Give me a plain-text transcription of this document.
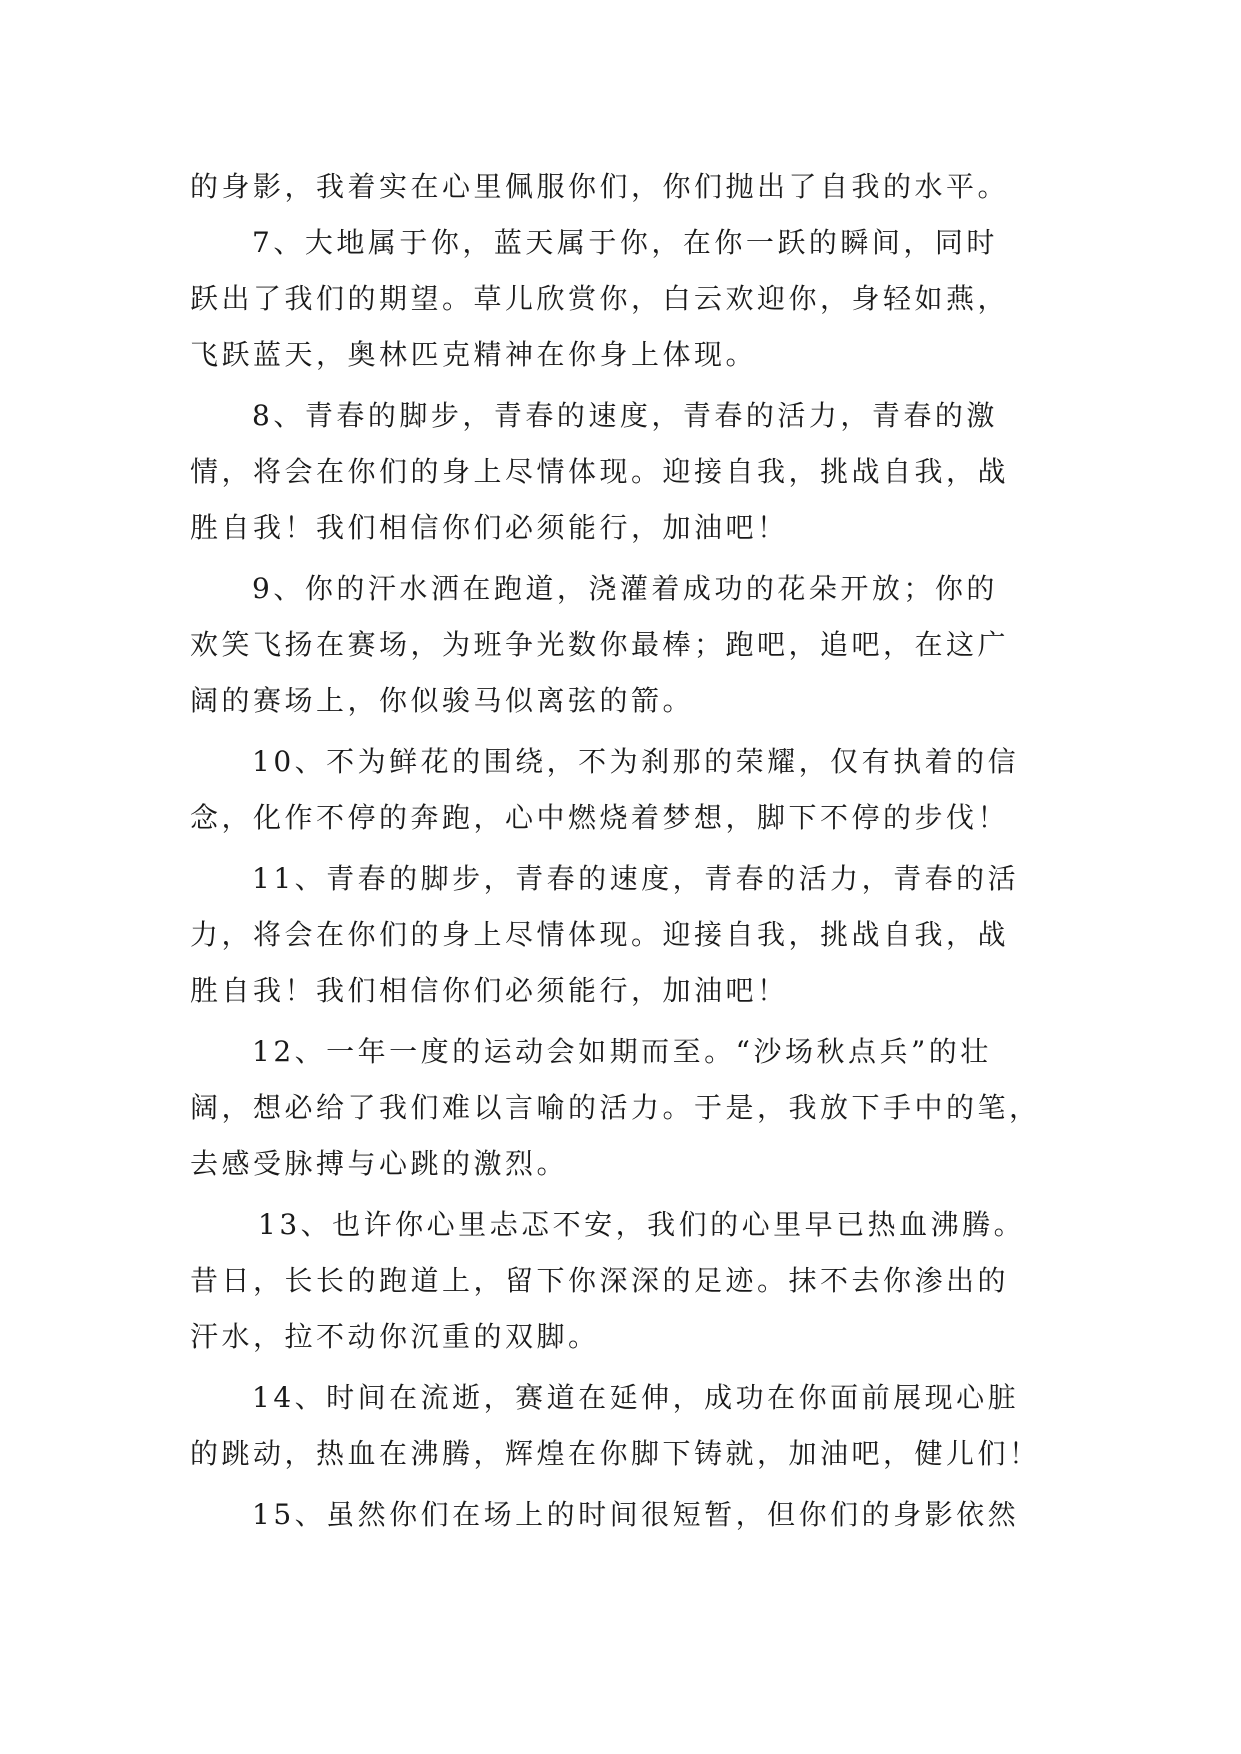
的身影，我着实在心里佩服你们，你们抛出了自我的水平。
7、大地属于你，蓝天属于你，在你一跃的瞬间，同时
跃出了我们的期望。草儿欣赏你，白云欢迎你，身轻如燕，
飞跃蓝天，奥林匹克精神在你身上体现。
8、青春的脚步，青春的速度，青春的活力，青春的激
情，将会在你们的身上尽情体现。迎接自我，挑战自我，战
胜自我！我们相信你们必须能行，加油吧！
9、你的汗水洒在跑道，浇灌着成功的花朵开放；你的
欢笑飞扬在赛场，为班争光数你最棒；跑吧，追吧，在这广
阔的赛场上，你似骏马似离弦的箭。
10、不为鲜花的围绕，不为刹那的荣耀，仅有执着的信
念，化作不停的奔跑，心中燃烧着梦想，脚下不停的步伐！
11、青春的脚步，青春的速度，青春的活力，青春的活
力，将会在你们的身上尽情体现。迎接自我，挑战自我，战
胜自我！我们相信你们必须能行，加油吧！
12、一年一度的运动会如期而至。“沙场秋点兵”的壮
阔，想必给了我们难以言喻的活力。于是，我放下手中的笔，
去感受脉搏与心跳的激烈。
13、也许你心里忐忑不安，我们的心里早已热血沸腾。
昔日，长长的跑道上，留下你深深的足迹。抹不去你渗出的
汗水，拉不动你沉重的双脚。
14、时间在流逝，赛道在延伸，成功在你面前展现心脏
的跳动，热血在沸腾，辉煌在你脚下铸就，加油吧，健儿们！
15、虽然你们在场上的时间很短暂，但你们的身影依然
